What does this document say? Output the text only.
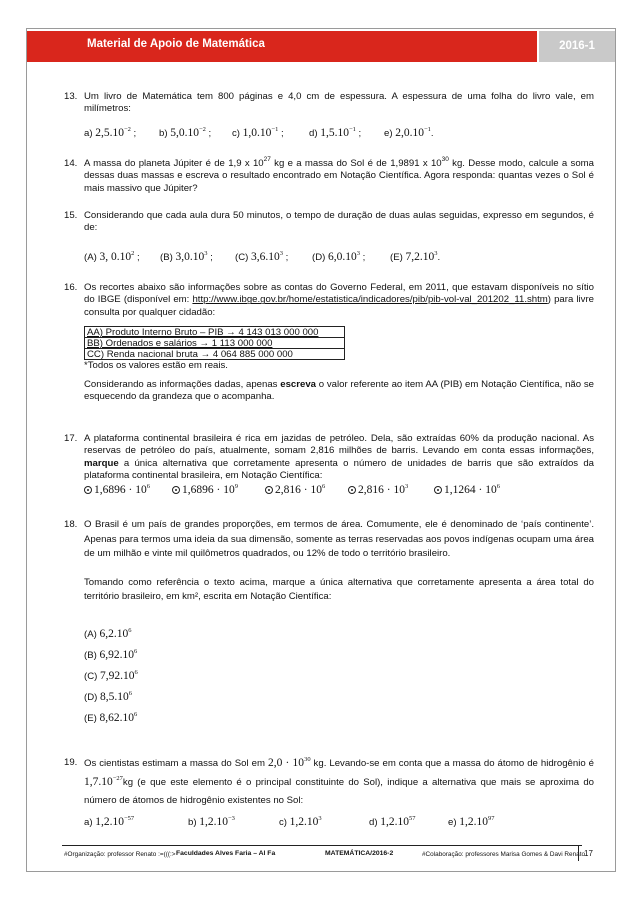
Material de Apoio de Matemática	2016-1
13. Um livro de Matemática tem 800 páginas e 4,0 cm de espessura. A espessura de uma folha do livro vale, em milímetros:
a) $2,5.10^{-2}$ ; b) $5,0.10^{-2}$ ; c) $1,0.10^{-1}$ ;	d) $1,5.10^{-1}$ ; e) $2,0.10^{-1}$.
14. A massa do planeta Júpiter é de 1,9 x $10^{27}$ kg e a massa do Sol é de 1,9891 x $10^{30}$ kg. Desse modo, calcule a soma dessas duas massas e escreva o resultado encontrado em Notação Científica. Agora responda: quantas vezes o Sol é mais massivo que Júpiter?
15. Considerando que cada aula dura 50 minutos, o tempo de duração de duas aulas seguidas, expresso em segundos, é de:
(A) 3, 0.10$^2$ ; (B) 3,0.10$^3$ ; (C) 3,6.10$^3$ ; (D) 6,0.10$^3$ ;	(E) 7,2.10$^3$.
16. Os recortes abaixo são informações sobre as contas do Governo Federal, em 2011, que estavam disponíveis no sítio do IBGE (disponível em: http://www.ibge.gov.br/home/estatistica/indicadores/pib/pib-vol-val_201202_11.shtm) para livre consulta por qualquer cidadão:
AA) Produto Interno Bruto – PIB → 4 143 013 000 000
BB) Ordenados e salários → 1 113 000 000
CC) Renda nacional bruta → 4 064 885 000 000
*Todos os valores estão em reais.
Considerando as informações dadas, apenas escreva o valor referente ao item AA (PIB) em Notação Científica, não se esquecendo da grandeza que o acompanha.
17. A plataforma continental brasileira é rica em jazidas de petróleo. Dela, são extraídas 60% da produção nacional. As reservas de petróleo do país, atualmente, somam 2,816 milhões de barris. Levando em conta essas informações, marque a única alternativa que corretamente apresenta o número de unidades de barris que são extraídos da plataforma continental brasileira, em Notação Científica:
$1,6896 \cdot 10^6$	$1,6896 \cdot 10^9$	$2,816 \cdot 10^6$	$2,816 \cdot 10^3$	$1,1264 \cdot 10^6$
18. O Brasil é um país de grandes proporções, em termos de área. Comumente, ele é denominado de ‘país continente’. Apenas para termos uma ideia da sua dimensão, somente as terras reservadas aos povos indígenas ocupam uma área de um milhão e vinte mil quilômetros quadrados, ou 12% de todo o território brasileiro.
Tomando como referência o texto acima, marque a única alternativa que corretamente apresenta a área total do território brasileiro, em km², escrita em Notação Científica:
(A) 6,2.10$^6$
(B) 6,92.10$^6$
(C) 7,92.10$^6$
(D) 8,5.10$^6$
(E) 8,62.10$^6$
19. Os cientistas estimam a massa do Sol em $2,0 \cdot 10^{30}$ kg. Levando-se em conta que a massa do átomo de hidrogênio é $1,7.10^{-27}kg$ (e que este elemento é o principal constituinte do Sol), indique a alternativa que mais se aproxima do número de átomos de hidrogênio existentes no Sol:
a) $1,2.10^{-57}$	b) $1,2.10^{-3}$	c) 1,2.10$^3$	d) 1,2.10$^{57}$	e) 1,2.10$^{97}$
#Organização: professor Renato :=(((:> Faculdades Alves Faria – Al Fa	MATEMÁTICA/2016-2	#Colaboração: professores Marisa Gomes & Davi Renato 17
